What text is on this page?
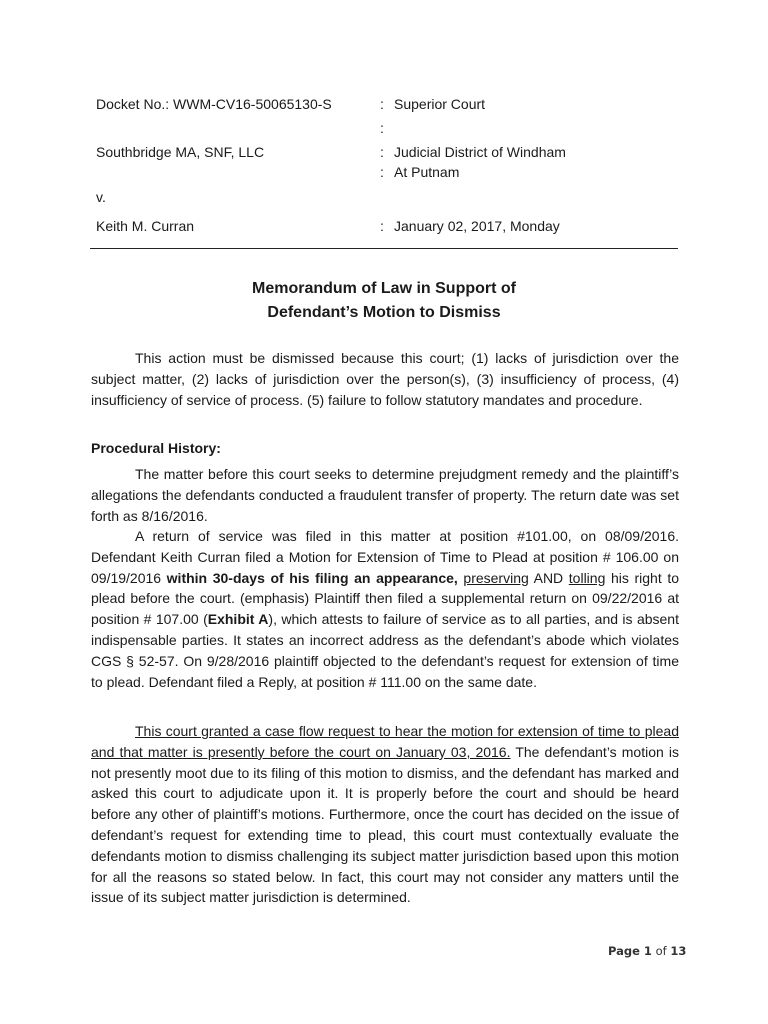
Docket No.: WWM-CV16-50065130-S	: Superior Court
:
Southbridge MA, SNF, LLC	: Judicial District of Windham
: At Putnam
v.
Keith M. Curran	: January 02, 2017, Monday
Memorandum of Law in Support of
Defendant’s Motion to Dismiss

This action must be dismissed because this court; (1) lacks of jurisdiction over the subject matter, (2) lacks of jurisdiction over the person(s), (3) insufficiency of process, (4) insufficiency of service of process. (5) failure to follow statutory mandates and procedure.

Procedural History:

The matter before this court seeks to determine prejudgment remedy and the plaintiff’s allegations the defendants conducted a fraudulent transfer of property. The return date was set forth as 8/16/2016.

A return of service was filed in this matter at position #101.00, on 08/09/2016. Defendant Keith Curran filed a Motion for Extension of Time to Plead at position # 106.00 on 09/19/2016 within 30-days of his filing an appearance, preserving AND tolling his right to plead before the court. (emphasis) Plaintiff then filed a supplemental return on 09/22/2016 at position # 107.00 (Exhibit A), which attests to failure of service as to all parties, and is absent indispensable parties. It states an incorrect address as the defendant’s abode which violates CGS § 52-57. On 9/28/2016 plaintiff objected to the defendant’s request for extension of time to plead. Defendant filed a Reply, at position # 111.00 on the same date.

This court granted a case flow request to hear the motion for extension of time to plead and that matter is presently before the court on January 03, 2016. The defendant’s motion is not presently moot due to its filing of this motion to dismiss, and the defendant has marked and asked this court to adjudicate upon it. It is properly before the court and should be heard before any other of plaintiff’s motions. Furthermore, once the court has decided on the issue of defendant’s request for extending time to plead, this court must contextually evaluate the defendants motion to dismiss challenging its subject matter jurisdiction based upon this motion for all the reasons so stated below. In fact, this court may not consider any matters until the issue of its subject matter jurisdiction is determined.

Page 1 of 13
